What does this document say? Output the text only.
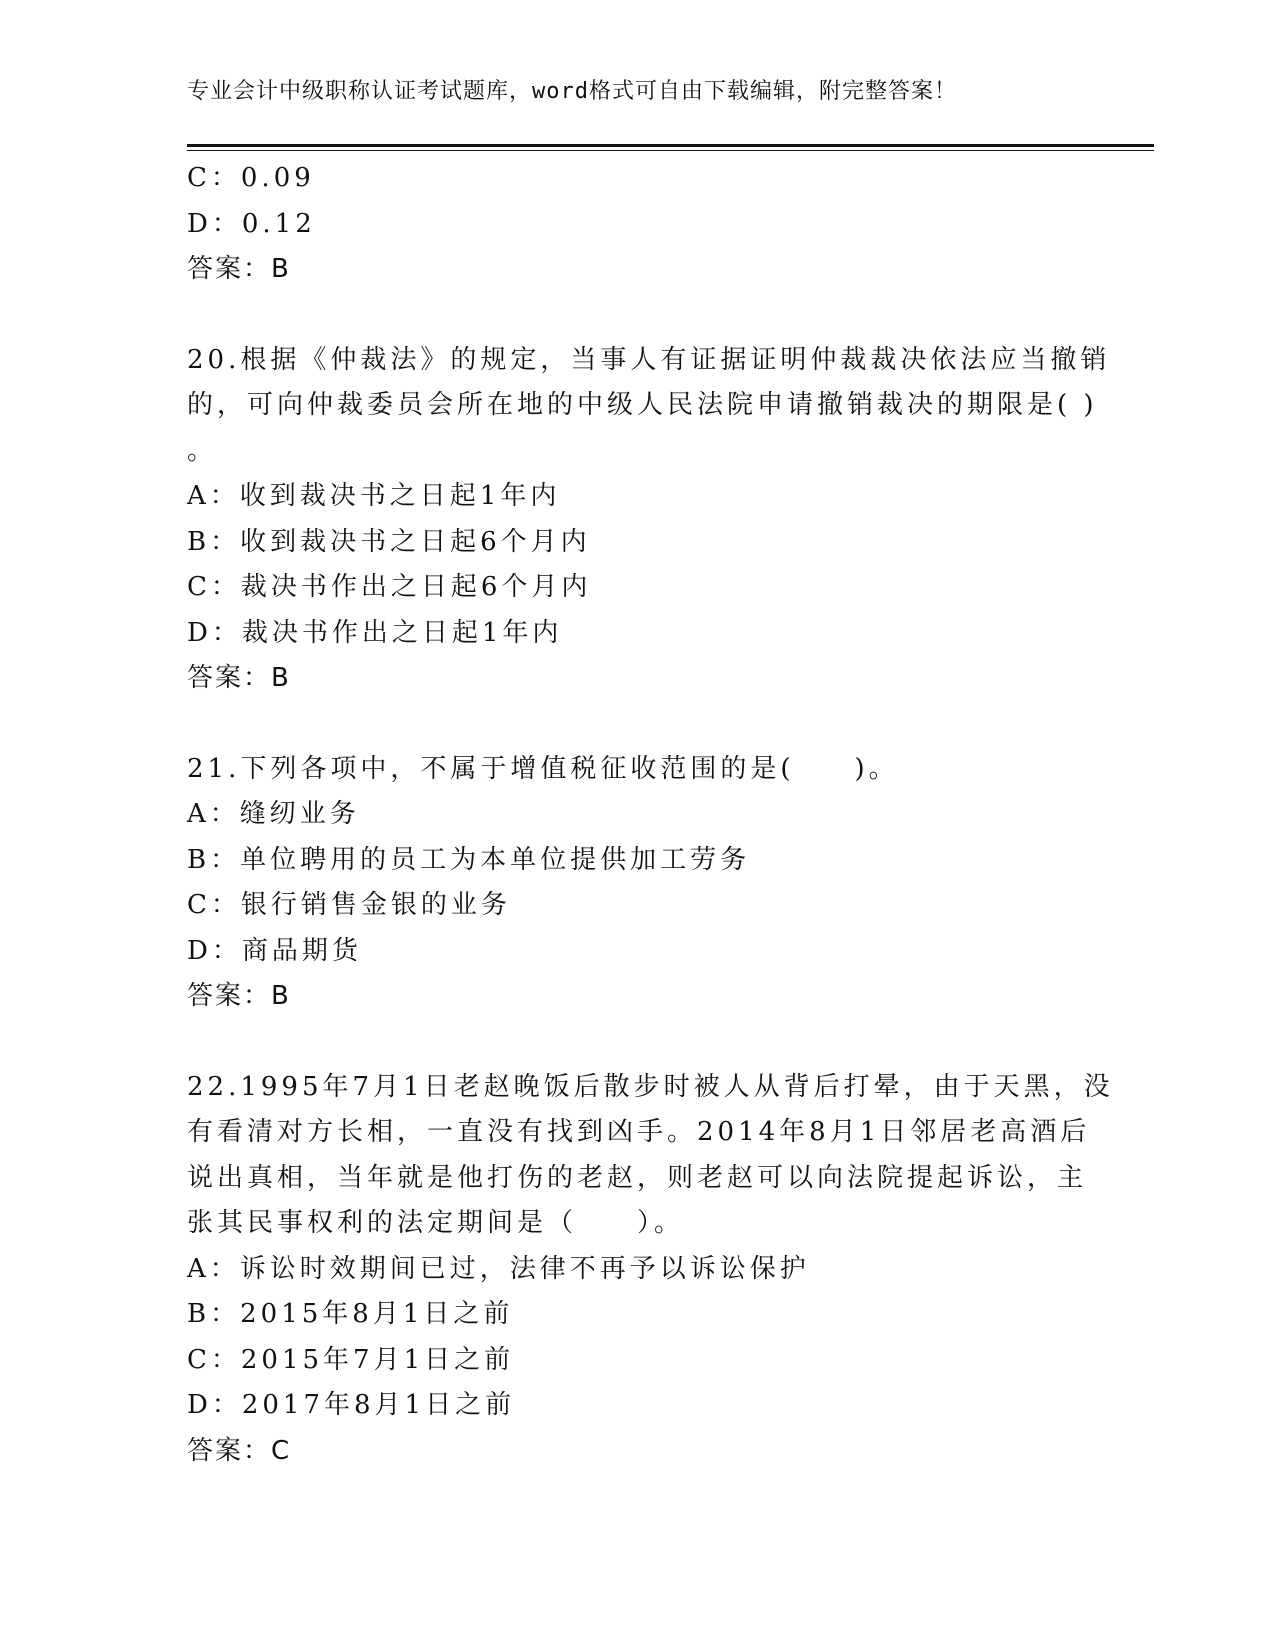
专业会计中级职称认证考试题库，word格式可自由下载编辑，附完整答案！
C：0.09
D：0.12
答案：B
20.根据《仲裁法》的规定，当事人有证据证明仲裁裁决依法应当撤销
的，可向仲裁委员会所在地的中级人民法院申请撤销裁决的期限是( )
。
A：收到裁决书之日起1年内
B：收到裁决书之日起6个月内
C：裁决书作出之日起6个月内
D：裁决书作出之日起1年内
答案：B
21.下列各项中，不属于增值税征收范围的是(　　)。
A：缝纫业务
B：单位聘用的员工为本单位提供加工劳务
C：银行销售金银的业务
D：商品期货
答案：B
22.1995年7月1日老赵晚饭后散步时被人从背后打晕，由于天黑，没
有看清对方长相，一直没有找到凶手。2014年8月1日邻居老高酒后
说出真相，当年就是他打伤的老赵，则老赵可以向法院提起诉讼，主
张其民事权利的法定期间是（　　）。
A：诉讼时效期间已过，法律不再予以诉讼保护
B：2015年8月1日之前
C：2015年7月1日之前
D：2017年8月1日之前
答案：C
